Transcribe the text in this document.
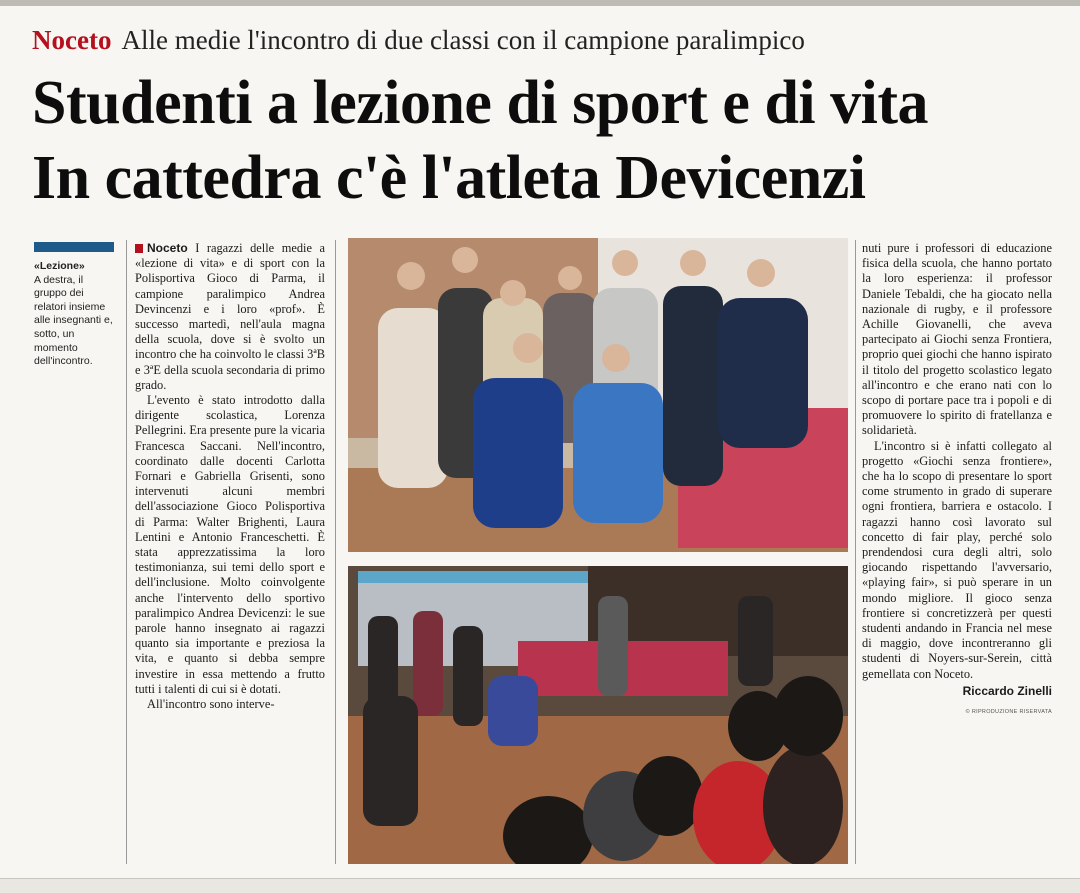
Noceto Alle medie l'incontro di due classi con il campione paralimpico
Studenti a lezione di sport e di vita
In cattedra c'è l'atleta Devicenzi
«Lezione»
A destra, il gruppo dei relatori insieme alle insegnanti e, sotto, un momento dell'incontro.

Noceto I ragazzi delle medie a «lezione di vita» e di sport con la Polisportiva Gioco di Parma, il campione paralimpico Andrea Devincenzi e i loro «prof». È successo martedì, nell'aula magna della scuola, dove si è svolto un incontro che ha coinvolto le classi 3ªB e 3ªE della scuola secondaria di primo grado.

L'evento è stato introdotto dalla dirigente scolastica, Lorenza Pellegrini. Era presente pure la vicaria Francesca Saccani. Nell'incontro, coordinato dalle docenti Carlotta Fornari e Gabriella Grisenti, sono intervenuti alcuni membri dell'associazione Gioco Polisportiva di Parma: Walter Brighenti, Laura Lentini e Antonio Franceschetti. È stata apprezzatissima la loro testimonianza, sui temi dello sport e dell'inclusione. Molto coinvolgente anche l'intervento dello sportivo paralimpico Andrea Devicenzi: le sue parole hanno insegnato ai ragazzi quanto sia importante e preziosa la vita, e quanto si debba sempre investire in essa mettendo a frutto tutti i talenti di cui si è dotati.

All'incontro sono interve-

nuti pure i professori di educazione fisica della scuola, che hanno portato la loro esperienza: il professor Daniele Tebaldi, che ha giocato nella nazionale di rugby, e il professore Achille Giovanelli, che aveva partecipato ai Giochi senza Frontiera, proprio quei giochi che hanno ispirato il titolo del progetto scolastico legato all'incontro e che erano nati con lo scopo di portare pace tra i popoli e di promuovere lo spirito di fratellanza e solidarietà.

L'incontro si è infatti collegato al progetto «Giochi senza frontiere», che ha lo scopo di presentare lo sport come strumento in grado di superare ogni frontiera, barriera e ostacolo. I ragazzi hanno così lavorato sul concetto di fair play, perché solo prendendosi cura degli altri, solo giocando rispettando l'avversario, «playing fair», si può sperare in un mondo migliore. Il gioco senza frontiere si concretizzerà per questi studenti andando in Francia nel mese di maggio, dove incontreranno gli studenti di Noyers-sur-Serein, città gemellata con Noceto.

Riccardo Zinelli
© RIPRODUZIONE RISERVATA
